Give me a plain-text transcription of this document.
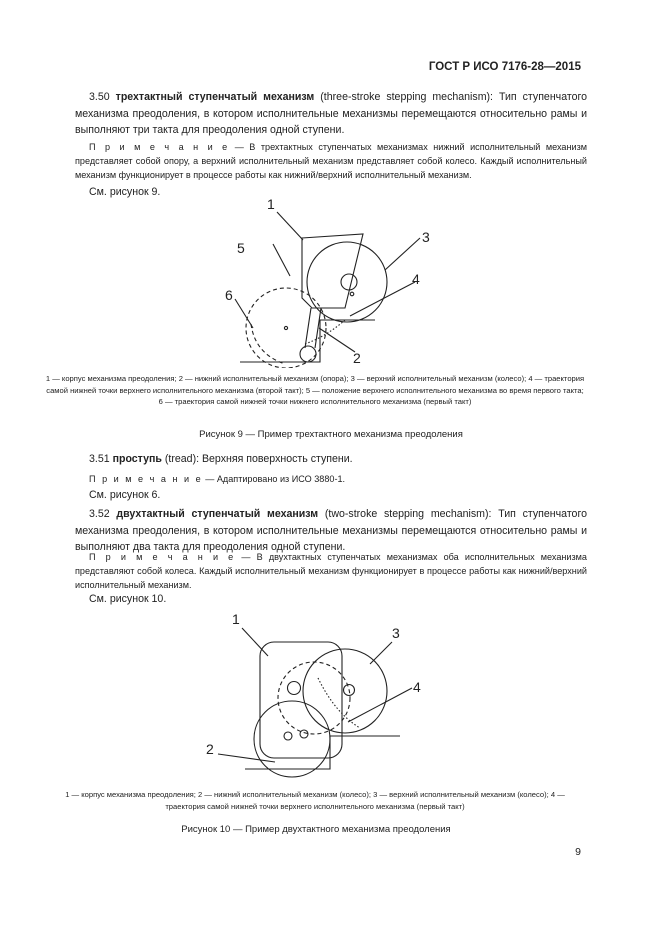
ГОСТ Р ИСО 7176-28—2015
3.50 трехтактный ступенчатый механизм (three-stroke stepping mechanism): Тип ступенчатого механизма преодоления, в котором исполнительные механизмы перемещаются относительно рамы и выполняют три такта для преодоления одной ступени.
П р и м е ч а н и е — В трехтактных ступенчатых механизмах нижний исполнительный механизм представляет собой опору, а верхний исполнительный механизм представляет собой колесо. Каждый исполнительный механизм функционирует в процессе работы как нижний/верхний исполнительный механизм.
См. рисунок 9.
1
2
3
4
5
6
1 — корпус механизма преодоления; 2 — нижний исполнительный механизм (опора); 3 — верхний исполнительный механизм (колесо); 4 — траектория самой нижней точки верхнего исполнительного механизма (второй такт); 5 — положение верхнего исполнительного механизма во время первого такта; 6 — траектория самой нижней точки нижнего исполнительного механизма (первый такт)
Рисунок 9 — Пример трехтактного механизма преодоления
3.51 проступь (tread): Верхняя поверхность ступени.
П р и м е ч а н и е — Адаптировано из ИСО 3880-1.
См. рисунок 6.
3.52 двухтактный ступенчатый механизм (two-stroke stepping mechanism): Тип ступенчатого механизма преодоления, в котором исполнительные механизмы перемещаются относительно рамы и выполняют два такта для преодоления одной ступени.
П р и м е ч а н и е — В двухтактных ступенчатых механизмах оба исполнительных механизма представляют собой колеса. Каждый исполнительный механизм функционирует в процессе работы как нижний/верхний исполнительный механизм.
См. рисунок 10.
1
2
3
4
1 — корпус механизма преодоления; 2 — нижний исполнительный механизм (колесо); 3 — верхний исполнительный механизм (колесо); 4 — траектория самой нижней точки верхнего исполнительного механизма (первый такт)
Рисунок 10 — Пример двухтактного механизма преодоления
9
